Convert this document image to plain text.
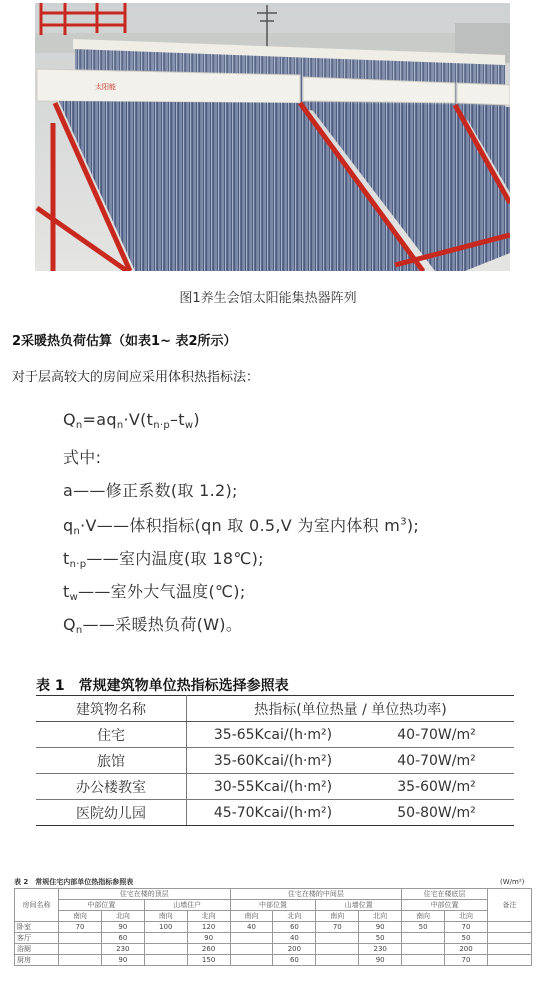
太阳能
图1养生会馆太阳能集热器阵列
2采暖热负荷估算（如表1~ 表2所示）
对于层高较大的房间应采用体积热指标法：
$Q_n=aq_n\cdot V(t_{n\cdot p}-t_w)$
式中:
a——修正系数(取 1.2);
$q_n\cdot V——$体积指标(qn 取 0.5,V 为室内体积 $m^3$);
$t_{n\cdot p}——$室内温度(取 18℃);
$t_w——$室外大气温度(℃);
$Q_n——$采暖热负荷(W)。
表 1　常规建筑物单位热指标选择参照表
建筑物名称	热指标(单位热量 / 单位热功率)	
住宅	35-65Kcai/(h·m²)	40-70W/m²
旅馆	35-60Kcai/(h·m²)	40-70W/m²
办公楼教室	30-55Kcai/(h·m²)	35-60W/m²
医院幼儿园	45-70Kcai/(h·m²)	50-80W/m²
表 2　常规住宅内部单位热指标参照表	(W/m²)
房间名称	住宅在楼的顶层				住宅在楼的中间层				住宅在楼底层		备注
	中部位置		山墙住户		中部位置		山墙位置		中部位置		
	南向	北向	南向	北向	南向	北向	南向	北向	南向	北向	
卧室	70	90	100	120	40	60	70	90	50	70	
客厅		60		90		40		50		50	
浴厕		230		260		200		230		200	
厨房		90		150		60		90		70	
